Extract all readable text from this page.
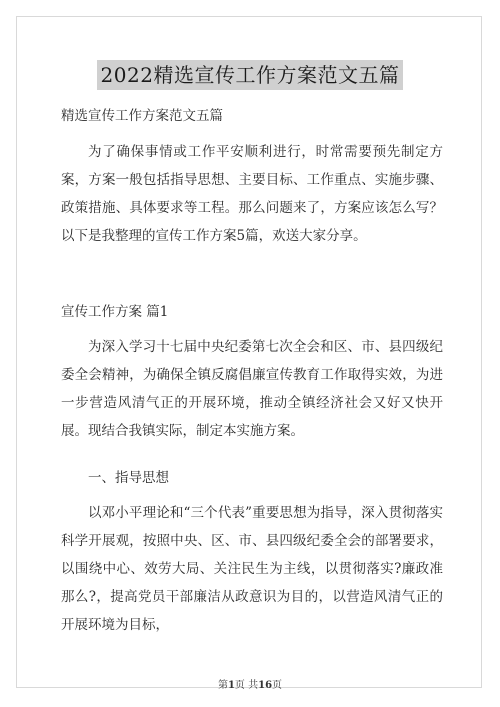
2022精选宣传工作方案范文五篇
精选宣传工作方案范文五篇

为了确保事情或工作平安顺利进行，时常需要预先制定方案，方案一般包括指导思想、主要目标、工作重点、实施步骤、政策措施、具体要求等工程。那么问题来了，方案应该怎么写？以下是我整理的宣传工作方案5篇，欢送大家分享。

宣传工作方案 篇1

为深入学习十七届中央纪委第七次全会和区、市、县四级纪委全会精神，为确保全镇反腐倡廉宣传教育工作取得实效，为进一步营造风清气正的开展环境，推动全镇经济社会又好又快开展。现结合我镇实际，制定本实施方案。

一、指导思想

以邓小平理论和“三个代表”重要思想为指导，深入贯彻落实科学开展观，按照中央、区、市、县四级纪委全会的部署要求，以围绕中心、效劳大局、关注民生为主线，以贯彻落实?廉政准那么?，提高党员干部廉洁从政意识为目的，以营造风清气正的开展环境为目标，

第1页 共16页
